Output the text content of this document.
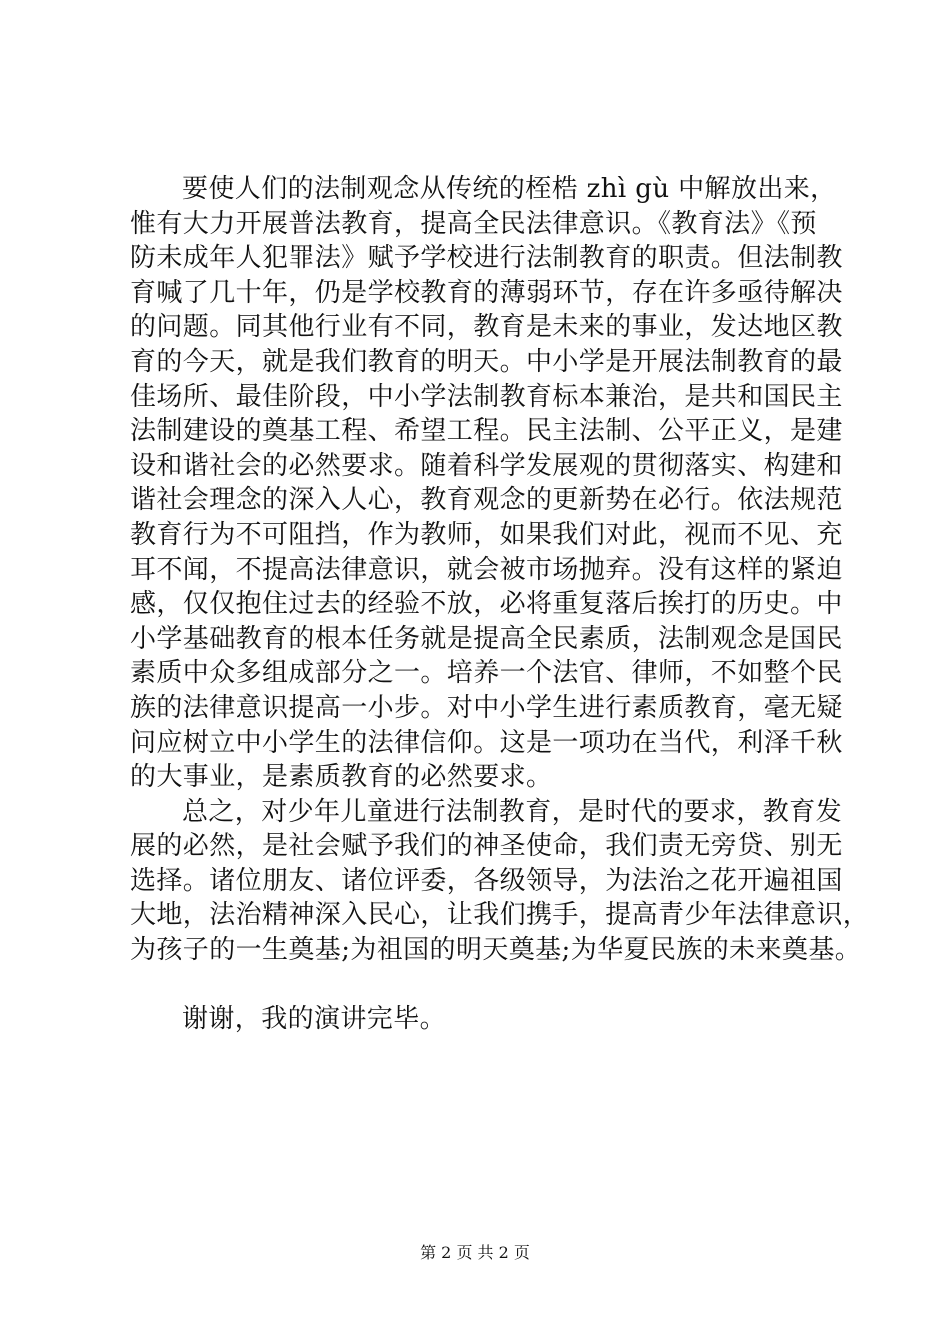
要使人们的法制观念从传统的桎梏 zhì gù 中解放出来，
惟有大力开展普法教育，提高全民法律意识。《教育法》《预
防未成年人犯罪法》赋予学校进行法制教育的职责。但法制教
育喊了几十年，仍是学校教育的薄弱环节，存在许多亟待解决
的问题。同其他行业有不同，教育是未来的事业，发达地区教
育的今天，就是我们教育的明天。中小学是开展法制教育的最
佳场所、最佳阶段，中小学法制教育标本兼治，是共和国民主
法制建设的奠基工程、希望工程。民主法制、公平正义，是建
设和谐社会的必然要求。随着科学发展观的贯彻落实、构建和
谐社会理念的深入人心，教育观念的更新势在必行。依法规范
教育行为不可阻挡，作为教师，如果我们对此，视而不见、充
耳不闻，不提高法律意识，就会被市场抛弃。没有这样的紧迫
感，仅仅抱住过去的经验不放，必将重复落后挨打的历史。中
小学基础教育的根本任务就是提高全民素质，法制观念是国民
素质中众多组成部分之一。培养一个法官、律师，不如整个民
族的法律意识提高一小步。对中小学生进行素质教育，毫无疑
问应树立中小学生的法律信仰。这是一项功在当代，利泽千秋
的大事业，是素质教育的必然要求。
总之，对少年儿童进行法制教育，是时代的要求，教育发
展的必然，是社会赋予我们的神圣使命，我们责无旁贷、别无
选择。诸位朋友、诸位评委，各级领导，为法治之花开遍祖国
大地，法治精神深入民心，让我们携手，提高青少年法律意识，
为孩子的一生奠基;为祖国的明天奠基;为华夏民族的未来奠基。
谢谢，我的演讲完毕。
第 2 页 共 2 页
